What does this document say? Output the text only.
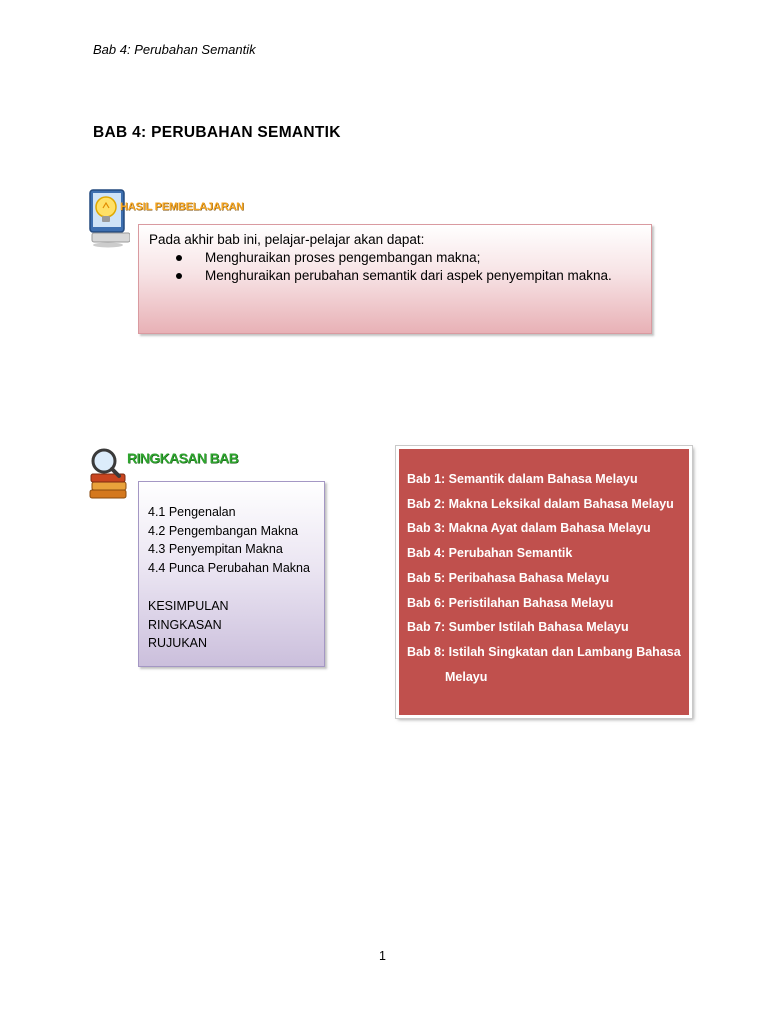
Bab 4: Perubahan Semantik
BAB 4: PERUBAHAN SEMANTIK
HASIL PEMBELAJARAN
Pada akhir bab ini, pelajar-pelajar akan dapat:
Menghuraikan proses pengembangan makna;
Menghuraikan perubahan semantik dari aspek penyempitan makna.
RINGKASAN BAB
4.1 Pengenalan
4.2 Pengembangan Makna
4.3 Penyempitan Makna
4.4 Punca Perubahan Makna
KESIMPULAN
RINGKASAN
RUJUKAN
Bab 1: Semantik dalam Bahasa Melayu
Bab 2: Makna Leksikal dalam Bahasa Melayu
Bab 3: Makna Ayat dalam Bahasa Melayu
Bab 4: Perubahan Semantik
Bab 5: Peribahasa Bahasa Melayu
Bab 6: Peristilahan Bahasa Melayu
Bab 7: Sumber Istilah Bahasa Melayu
Bab 8: Istilah Singkatan dan Lambang Bahasa
Melayu
1
